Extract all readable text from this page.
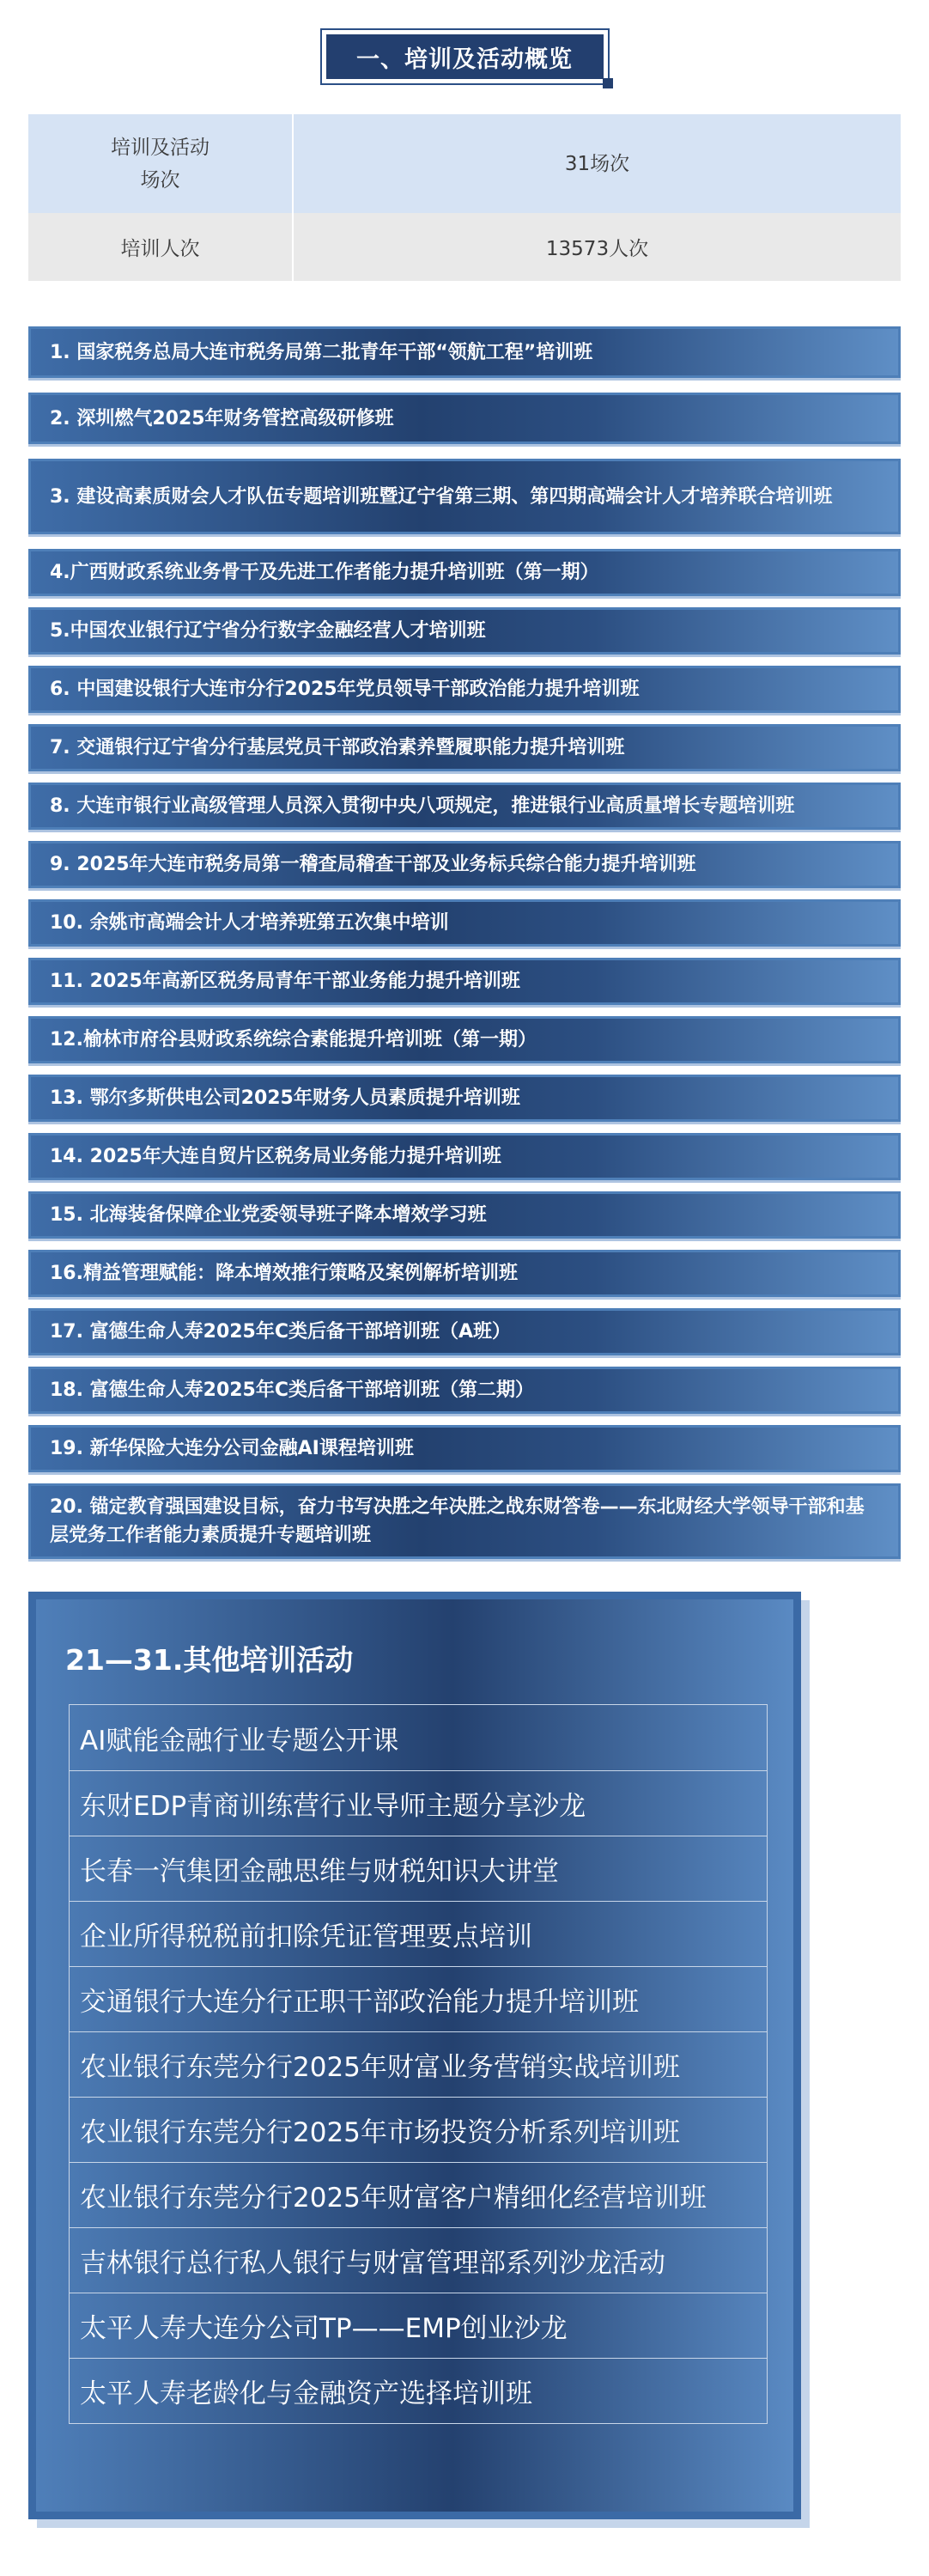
一、培训及活动概览
培训及活动
场次	31场次
培训人次	13573人次
1. 国家税务总局大连市税务局第二批青年干部“领航工程”培训班
2. 深圳燃气2025年财务管控高级研修班
3. 建设高素质财会人才队伍专题培训班暨辽宁省第三期、第四期高端会计人才培养联合培训班
4.广西财政系统业务骨干及先进工作者能力提升培训班（第一期）
5.中国农业银行辽宁省分行数字金融经营人才培训班
6. 中国建设银行大连市分行2025年党员领导干部政治能力提升培训班
7. 交通银行辽宁省分行基层党员干部政治素养暨履职能力提升培训班
8. 大连市银行业高级管理人员深入贯彻中央八项规定，推进银行业高质量增长专题培训班
9. 2025年大连市税务局第一稽查局稽查干部及业务标兵综合能力提升培训班
10. 余姚市高端会计人才培养班第五次集中培训
11. 2025年高新区税务局青年干部业务能力提升培训班
12.榆林市府谷县财政系统综合素能提升培训班（第一期）
13. 鄂尔多斯供电公司2025年财务人员素质提升培训班
14. 2025年大连自贸片区税务局业务能力提升培训班
15. 北海装备保障企业党委领导班子降本增效学习班
16.精益管理赋能：降本增效推行策略及案例解析培训班
17. 富德生命人寿2025年C类后备干部培训班（A班）
18. 富德生命人寿2025年C类后备干部培训班（第二期）
19. 新华保险大连分公司金融AI课程培训班
20. 锚定教育强国建设目标，奋力书写决胜之年决胜之战东财答卷——东北财经大学领导干部和基层党务工作者能力素质提升专题培训班
21—31.其他培训活动
AI赋能金融行业专题公开课
东财EDP青商训练营行业导师主题分享沙龙
长春一汽集团金融思维与财税知识大讲堂
企业所得税税前扣除凭证管理要点培训
交通银行大连分行正职干部政治能力提升培训班
农业银行东莞分行2025年财富业务营销实战培训班
农业银行东莞分行2025年市场投资分析系列培训班
农业银行东莞分行2025年财富客户精细化经营培训班
吉林银行总行私人银行与财富管理部系列沙龙活动
太平人寿大连分公司TP——EMP创业沙龙
太平人寿老龄化与金融资产选择培训班
